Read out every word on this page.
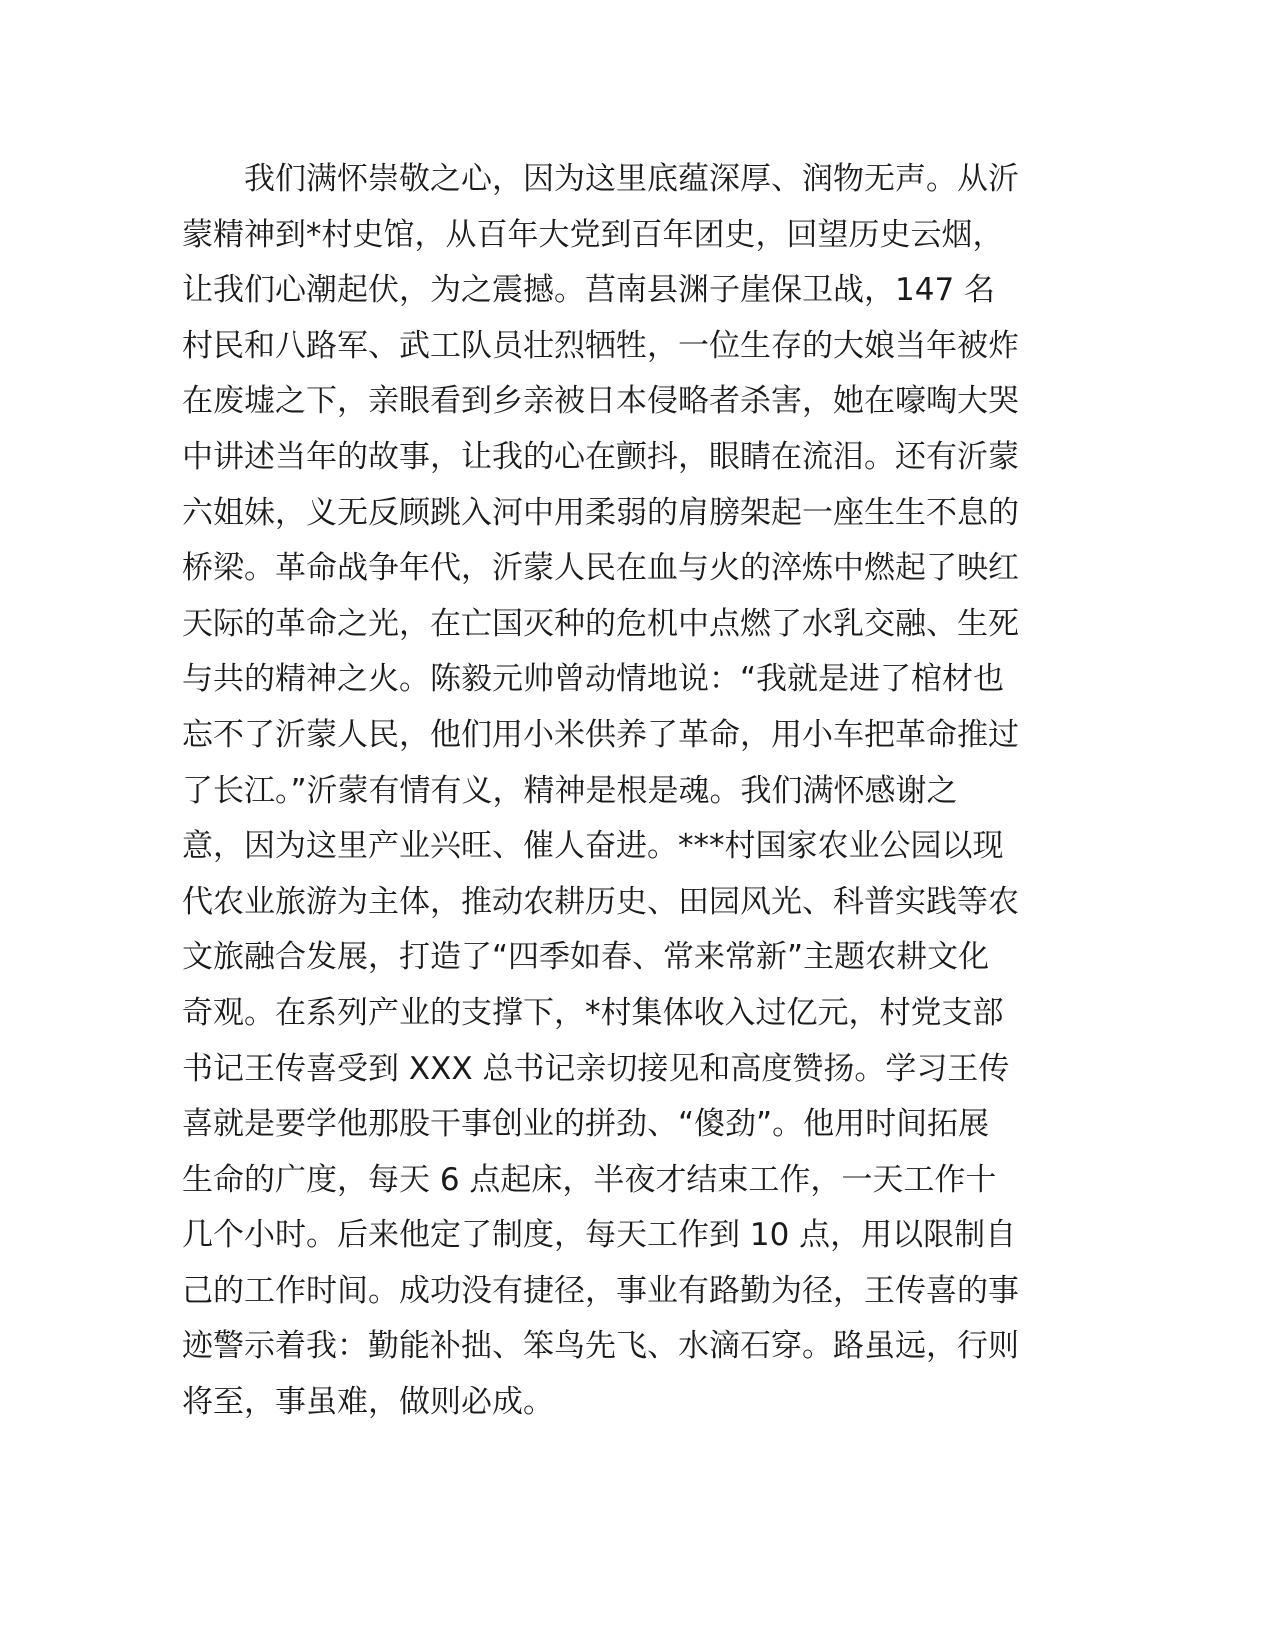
我们满怀崇敬之心，因为这里底蕴深厚、润物无声。从沂
蒙精神到*村史馆，从百年大党到百年团史，回望历史云烟，
让我们心潮起伏，为之震撼。莒南县渊子崖保卫战，147 名
村民和八路军、武工队员壮烈牺牲，一位生存的大娘当年被炸
在废墟之下，亲眼看到乡亲被日本侵略者杀害，她在嚎啕大哭
中讲述当年的故事，让我的心在颤抖，眼睛在流泪。还有沂蒙
六姐妹，义无反顾跳入河中用柔弱的肩膀架起一座生生不息的
桥梁。革命战争年代，沂蒙人民在血与火的淬炼中燃起了映红
天际的革命之光，在亡国灭种的危机中点燃了水乳交融、生死
与共的精神之火。陈毅元帅曾动情地说：“我就是进了棺材也
忘不了沂蒙人民，他们用小米供养了革命，用小车把革命推过
了长江。”沂蒙有情有义，精神是根是魂。我们满怀感谢之
意，因为这里产业兴旺、催人奋进。***村国家农业公园以现
代农业旅游为主体，推动农耕历史、田园风光、科普实践等农
文旅融合发展，打造了“四季如春、常来常新”主题农耕文化
奇观。在系列产业的支撑下，*村集体收入过亿元，村党支部
书记王传喜受到 XXX 总书记亲切接见和高度赞扬。学习王传
喜就是要学他那股干事创业的拼劲、“傻劲”。他用时间拓展
生命的广度，每天 6 点起床，半夜才结束工作，一天工作十
几个小时。后来他定了制度，每天工作到 10 点，用以限制自
己的工作时间。成功没有捷径，事业有路勤为径，王传喜的事
迹警示着我：勤能补拙、笨鸟先飞、水滴石穿。路虽远，行则
将至，事虽难，做则必成。
